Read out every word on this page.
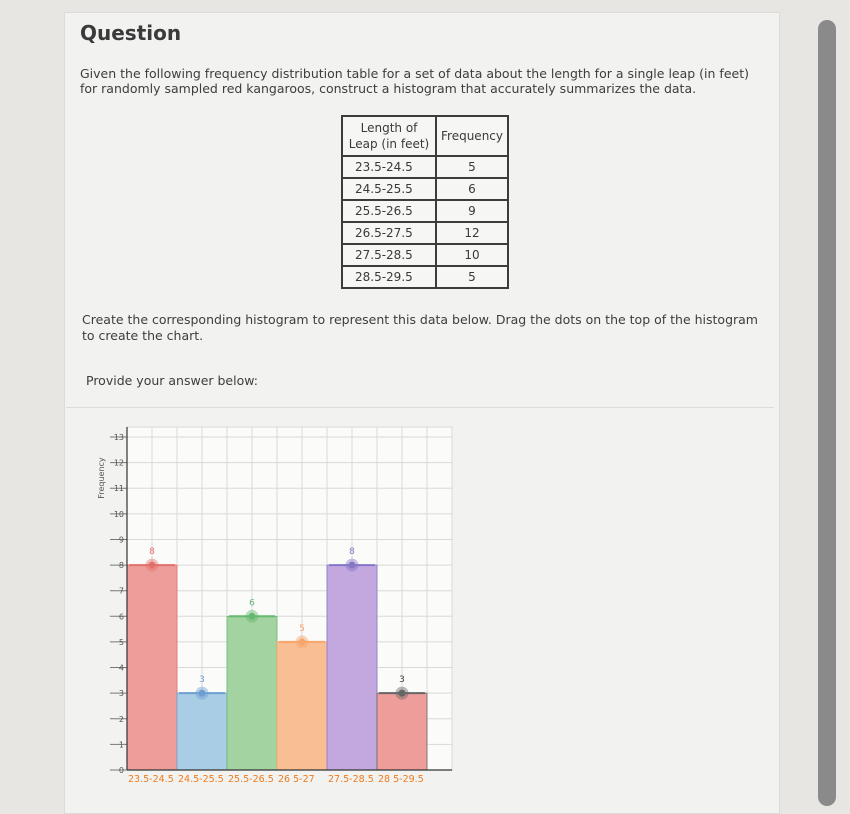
Question
Given the following frequency distribution table for a set of data about the length for a single leap (in feet) for randomly sampled red kangaroos, construct a histogram that accurately summarizes the data.
Length of Leap (in feet)	Frequency
23.5-24.5	5
24.5-25.5	6
25.5-26.5	9
26.5-27.5	12
27.5-28.5	10
28.5-29.5	5
Create the corresponding histogram to represent this data below. Drag the dots on the top of the histogram to create the chart.
Provide your answer below:
8
3
6
5
8
3
0
1
2
3
4
5
6
7
8
9
10
11
12
13
23.5-24.5 24.5-25.5 25.5-26.5 26 5-27 27.5-28.5 28 5-29.5
Frequency
